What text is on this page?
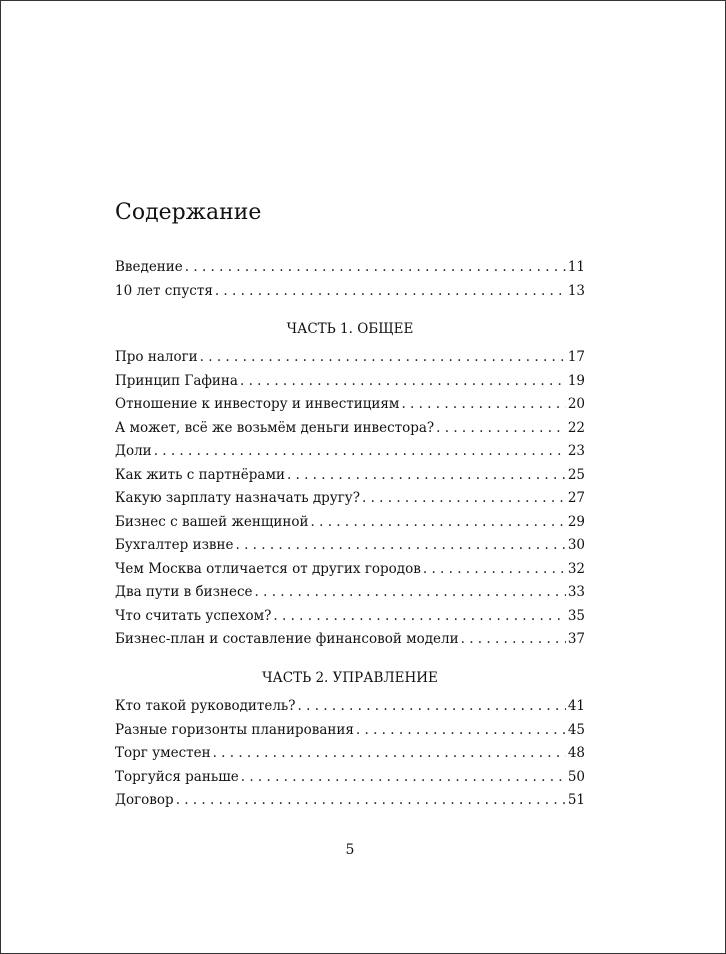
Содержание
Введение . . .	11
10 лет спустя . . .	13
ЧАСТЬ 1. ОБЩЕЕ
Про налоги . . .	17
Принцип Гафина . . .	19
Отношение к инвестору и инвестициям . . .	20
А может, всё же возьмём деньги инвестора? . . .	22
Доли . . .	23
Как жить с партнёрами . . .	25
Какую зарплату назначать другу? . . .	27
Бизнес с вашей женщиной . . .	29
Бухгалтер извне . . .	30
Чем Москва отличается от других городов . . .	32
Два пути в бизнесе . . .	33
Что считать успехом? . . .	35
Бизнес-план и составление финансовой модели . . .	37
ЧАСТЬ 2. УПРАВЛЕНИЕ
Кто такой руководитель? . . .	41
Разные горизонты планирования . . .	45
Торг уместен . . .	48
Торгуйся раньше . . .	50
Договор . . .	51
5
